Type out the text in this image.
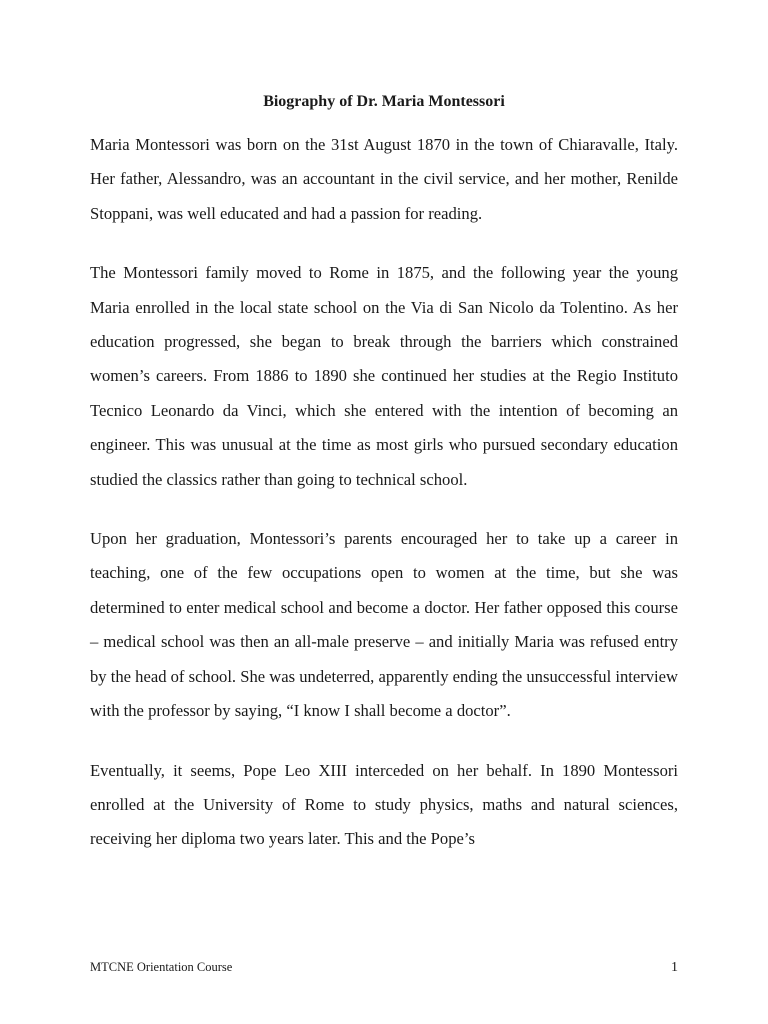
Biography of Dr. Maria Montessori

Maria Montessori was born on the 31st August 1870 in the town of Chiaravalle, Italy. Her father, Alessandro, was an accountant in the civil service, and her mother, Renilde Stoppani, was well educated and had a passion for reading.

The Montessori family moved to Rome in 1875, and the following year the young Maria enrolled in the local state school on the Via di San Nicolo da Tolentino. As her education progressed, she began to break through the barriers which constrained women’s careers. From 1886 to 1890 she continued her studies at the Regio Instituto Tecnico Leonardo da Vinci, which she entered with the intention of becoming an engineer. This was unusual at the time as most girls who pursued secondary education studied the classics rather than going to technical school.

Upon her graduation, Montessori’s parents encouraged her to take up a career in teaching, one of the few occupations open to women at the time, but she was determined to enter medical school and become a doctor. Her father opposed this course – medical school was then an all-male preserve – and initially Maria was refused entry by the head of school. She was undeterred, apparently ending the unsuccessful interview with the professor by saying, “I know I shall become a doctor”.

Eventually, it seems, Pope Leo XIII interceded on her behalf. In 1890 Montessori enrolled at the University of Rome to study physics, maths and natural sciences, receiving her diploma two years later. This and the Pope’s

MTCNE Orientation Course	1
